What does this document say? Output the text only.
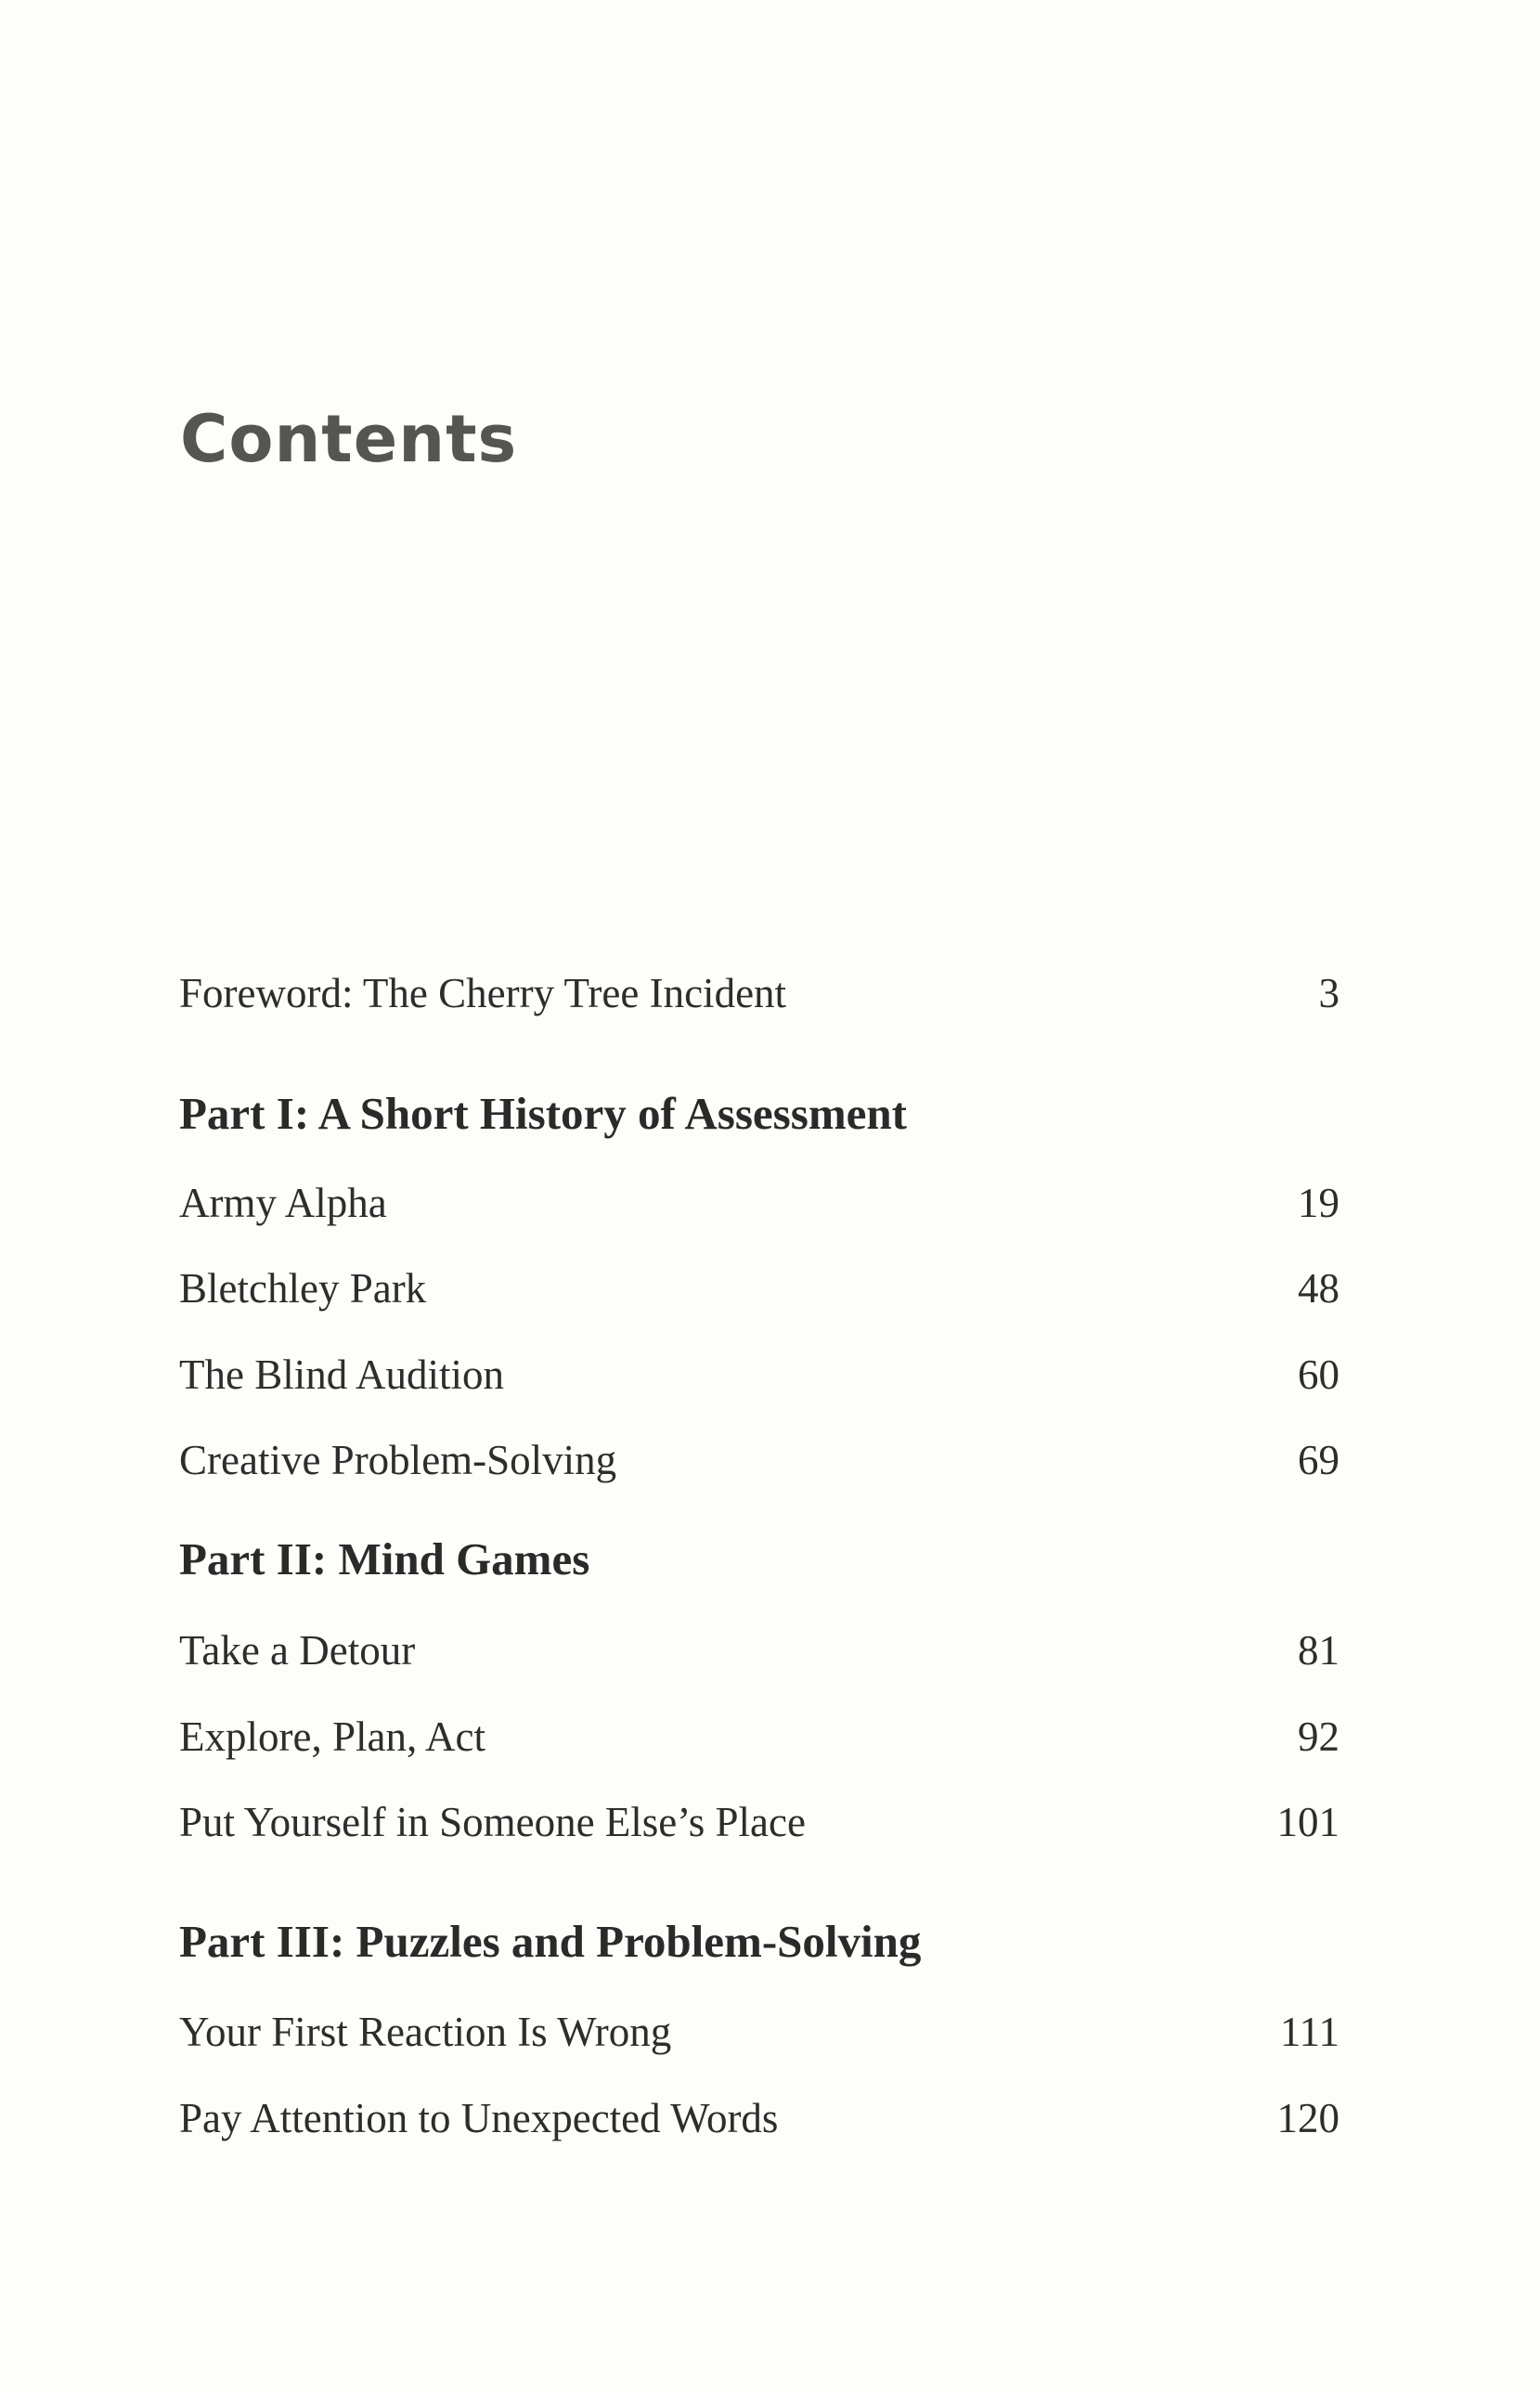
Contents
Foreword: The Cherry Tree Incident	3
Part I: A Short History of Assessment
Army Alpha	19
Bletchley Park	48
The Blind Audition	60
Creative Problem-Solving	69
Part II: Mind Games
Take a Detour	81
Explore, Plan, Act	92
Put Yourself in Someone Else’s Place	101
Part III: Puzzles and Problem-Solving
Your First Reaction Is Wrong	111
Pay Attention to Unexpected Words	120
